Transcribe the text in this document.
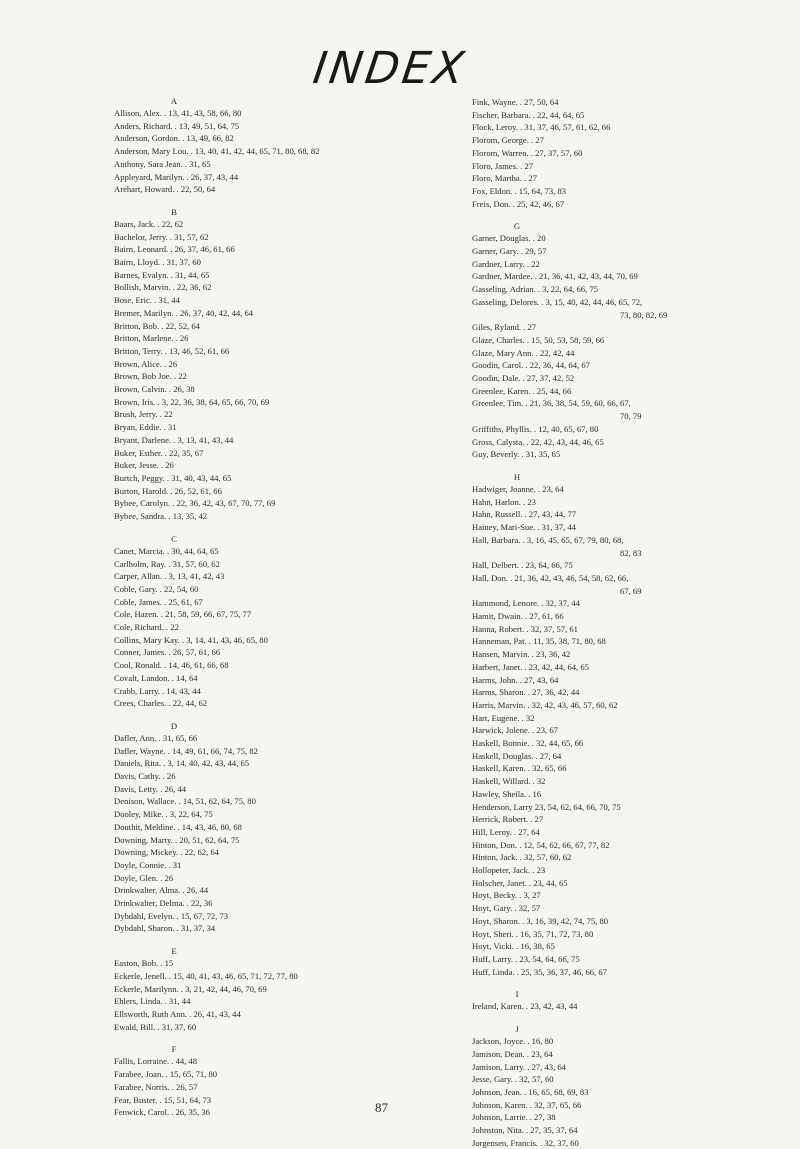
INDEX
A
Allison, Alex. . 13, 41, 43, 58, 66, 80
Anders, Richard. . 13, 49, 51, 64, 75
Anderson, Gordon. . 13, 49, 66, 82
Anderson, Mary Lou. . 13, 40, 41, 42, 44, 65, 71, 80, 68, 82
Anthony, Sara Jean. . 31, 65
Appleyard, Marilyn. . 26, 37, 43, 44
Arehart, Howard. . 22, 50, 64
B
Baars, Jack. . 22, 62
Bachelor, Jerry. . 31, 57, 62
Bairn, Leonard. . 26, 37, 46, 61, 66
Bairn, Lloyd. . 31, 37, 60
Barnes, Evalyn. . 31, 44, 65
Bollish, Marvin. . 22, 36, 62
Bose, Eric. . 31, 44
Bremer, Marilyn. . 26, 37, 40, 42, 44, 64
Britton, Bob. . 22, 52, 64
Britton, Marlene. . 26
Britton, Terry. . 13, 46, 52, 61, 66
Brown, Alice. . 26
Brown, Bob Joe. . 22
Brown, Calvin. . 26, 38
Brown, Iris. . 3, 22, 36, 38, 64, 65, 66, 70, 69
Brush, Jerry. . 22
Bryan, Eddie. . 31
Bryant, Darlene. . 3, 13, 41, 43, 44
Buker, Esther. . 22, 35, 67
Buker, Jesse. . 26
Burtch, Peggy. . 31, 40, 43, 44, 65
Burton, Harold. . 26, 52, 61, 66
Bybee, Carolyn. . 22, 36, 42, 43, 67, 70, 77, 69
Bybee, Sandra. . 13, 35, 42
C
Canet, Marcia. . 30, 44, 64, 65
Carlholm, Ray. . 31, 57, 60, 62
Carper, Allan. . 3, 13, 41, 42, 43
Coble, Gary. . 22, 54, 60
Coble, James. . 25, 61, 67
Cole, Hazen. . 21, 58, 59, 66, 67, 75, 77
Cole, Richard. . 22
Collins, Mary Kay. . 3, 14, 41, 43, 46, 65, 80
Conner, James. . 26, 57, 61, 66
Cool, Ronald. . 14, 46, 61, 66, 68
Covalt, Landon. . 14, 64
Crabb, Larry. . 14, 43, 44
Crees, Charles. . 22, 44, 62
D
Dafler, Ann. . 31, 65, 66
Dafler, Wayne. . 14, 49, 61, 66, 74, 75, 82
Daniels, Rita. . 3, 14, 40, 42, 43, 44, 65
Davis, Cathy. . 26
Davis, Letty. . 26, 44
Denison, Wallace. . 14, 51, 62, 64, 75, 80
Dooley, Mike. . 3, 22, 64, 75
Douthit, Meldine. . 14, 43, 46, 80, 68
Downing, Marty. . 20, 51, 62, 64, 75
Downing, Mickey. . 22, 62, 64
Doyle, Connie. . 31
Doyle, Glen. . 26
Drinkwalter, Alma. . 26, 44
Drinkwalter, Delma. . 22, 36
Dybdahl, Evelyn. . 15, 67, 72, 73
Dybdahl, Sharon. . 31, 37, 34
E
Easton, Bob. . 15
Eckerle, Jenell. . 15, 40, 41, 43, 46, 65, 71, 72, 77, 80
Eckerle, Marilynn. . 3, 21, 42, 44, 46, 70, 69
Ehlers, Linda. . 31, 44
Ellsworth, Ruth Ann. . 26, 41, 43, 44
Ewald, Bill. . 31, 37, 60
F
Fallis, Lorraine. . 44, 48
Farabee, Joan. . 15, 65, 71, 80
Farabee, Norris. . 26, 57
Fear, Buster. . 15, 51, 64, 73
Fenwick, Carol. . 26, 35, 36
Fink, Wayne. . 27, 50, 64
Fischer, Barbara. . 22, 44, 64, 65
Flock, Leroy. . 31, 37, 46, 57, 61, 62, 66
Florom, George. . 27
Florom, Warren. . 27, 37, 57, 60
Floro, James. . 27
Floro, Martha. . 27
Fox, Eldon. . 15, 64, 73, 83
Freis, Don. . 25, 42, 46, 67
G
Garner, Douglas. . 20
Garner, Gary. . 29, 57
Gardner, Larry. . 22
Gardner, Mardee. . 21, 36, 41, 42, 43, 44, 70, 69
Gasseling, Adrian. . 3, 22, 64, 66, 75
Gasseling, Delores. . 3, 15, 40, 42, 44, 46, 65, 72,
73, 80, 82, 69
Giles, Ryland. . 27
Glaze, Charles. . 15, 50, 53, 58, 59, 66
Glaze, Mary Ann. . 22, 42, 44
Goodin, Carol. . 22, 36, 44, 64, 67
Goodin, Dale. . 27, 37, 42, 52
Greenlee, Karen. . 25, 44, 66
Greenlee, Tim. . 21, 36, 38, 54, 59, 60, 66, 67,
70, 79
Griffiths, Phyllis. . 12, 40, 65, 67, 80
Gross, Calysta. . 22, 42, 43, 44, 46, 65
Guy, Beverly. . 31, 35, 65
H
Hadwiger, Joanne. . 23, 64
Hahn, Harlon. . 23
Hahn, Russell. . 27, 43, 44, 77
Hainey, Mari-Sue. . 31, 37, 44
Hall, Barbara. . 3, 16, 45, 65, 67, 79, 80, 68,
82, 83
Hall, Delbert. . 23, 64, 66, 75
Hall, Don. . 21, 36, 42, 43, 46, 54, 58, 62, 66,
67, 69
Hammond, Lenore. . 32, 37, 44
Hamit, Dwain. . 27, 61, 66
Hanna, Robert. . 32, 37, 57, 61
Hanneman, Pat. . 11, 35, 38, 71, 80, 68
Hansen, Marvin. . 23, 36, 42
Harbert, Janet. . 23, 42, 44, 64, 65
Harms, John. . 27, 43, 64
Harms, Sharon. . 27, 36, 42, 44
Harris, Marvin. . 32, 42, 43, 46, 57, 60, 62
Hart, Eugene. . 32
Harwick, Jolene. . 23, 67
Haskell, Bonnie. . 32, 44, 65, 66
Haskell, Douglas. . 27, 64
Haskell, Karen. . 32, 65, 66
Haskell, Willard. . 32
Hawley, Sheila. . 16
Henderson, Larry 23, 54, 62, 64, 66, 70, 75
Herrick, Robert. . 27
Hill, Leroy. . 27, 64
Hinton, Don. . 12, 54, 62, 66, 67, 77, 82
Hinton, Jack. . 32, 57, 60, 62
Hollopeter, Jack. . 23
Holscher, Janet. . 23, 44, 65
Hoyt, Becky. . 3, 27
Hoyt, Gary. . 32, 57
Hoyt, Sharon. . 3, 16, 39, 42, 74, 75, 80
Hoyt, Sheri. . 16, 35, 71, 72, 73, 80
Hoyt, Vicki. . 16, 38, 65
Huff, Larry. . 23, 54, 64, 66, 75
Huff, Linda. . 25, 35, 36, 37, 46, 66, 67
I
Ireland, Karen. . 23, 42, 43, 44
J
Jackson, Joyce. . 16, 80
Jamison, Dean. . 23, 64
Jamison, Larry. . 27, 43, 64
Jesse, Gary. . 32, 57, 60
Johnson, Jean. . 16, 65, 68, 69, 83
Johnson, Karen. . 32, 37, 65, 66
Johnson, Larrie. . 27, 38
Johnston, Nita. . 27, 35, 37, 64
Jorgensen, Francis. . 32, 37, 60
87
